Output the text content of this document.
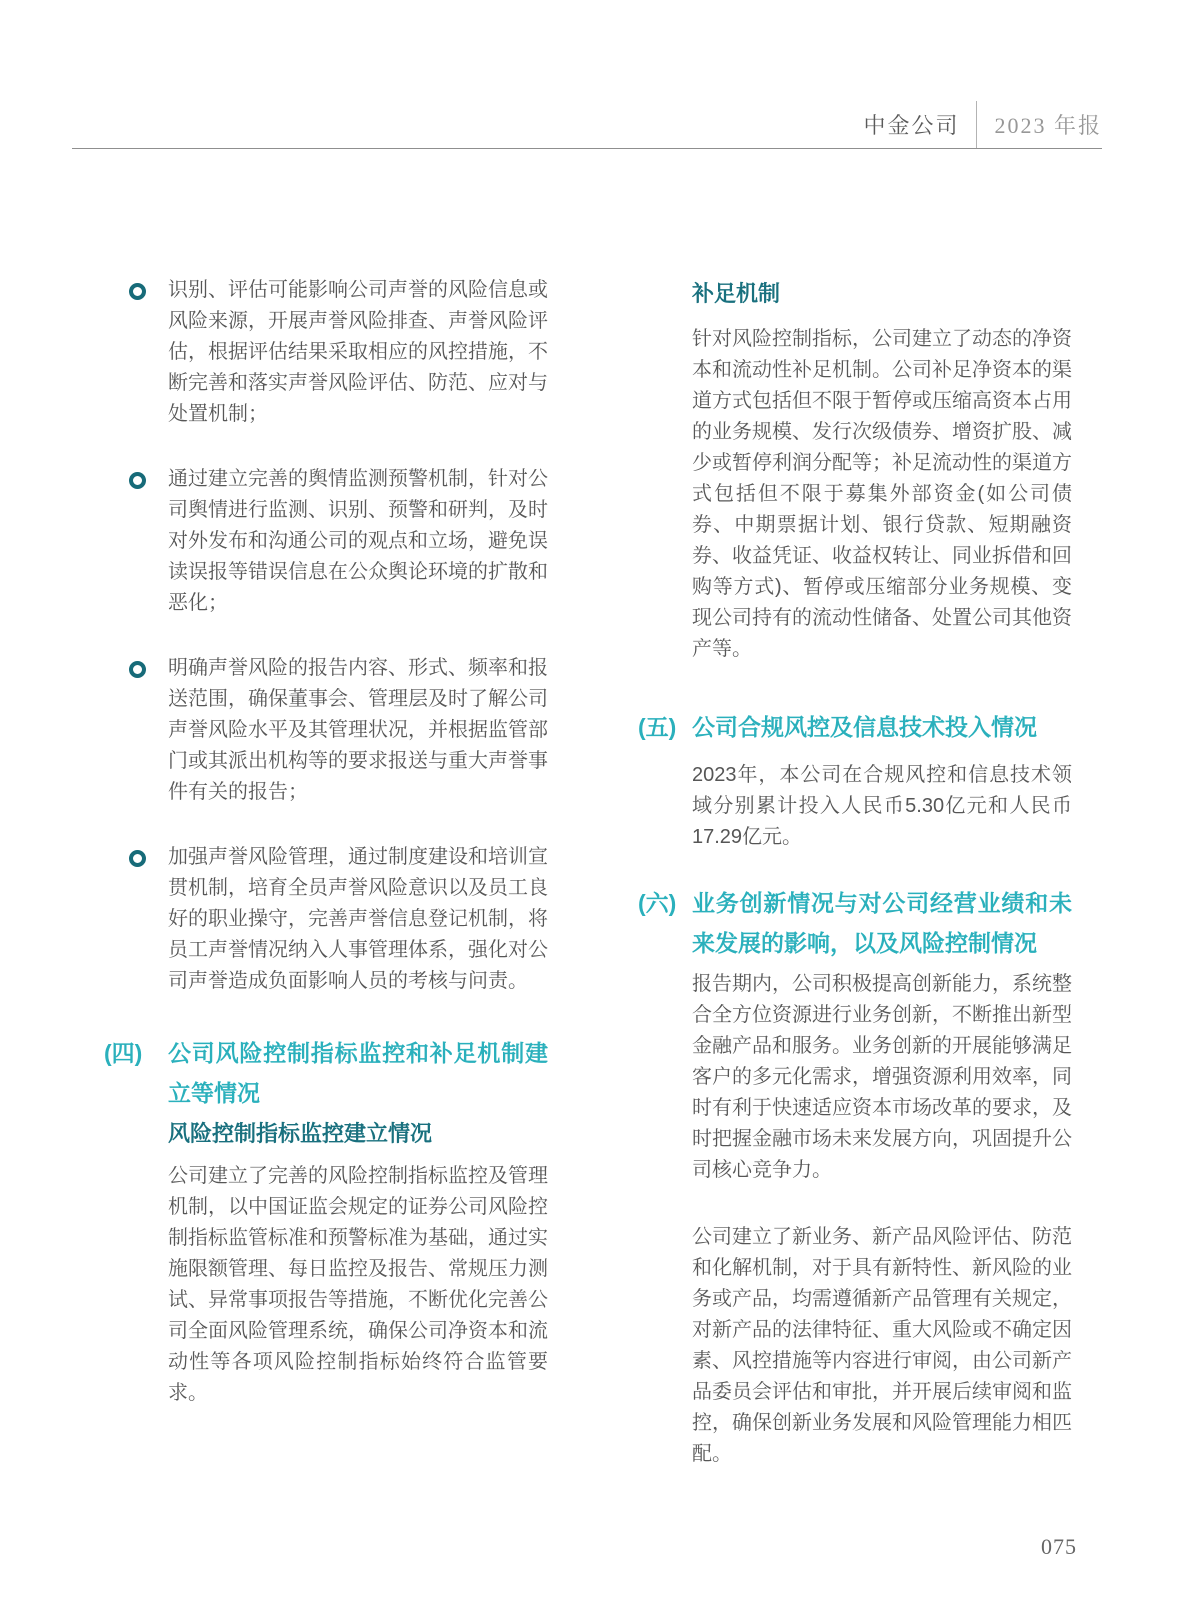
中金公司	2023 年报

识别、评估可能影响公司声誉的风险信息或风险来源，开展声誉风险排查、声誉风险评估，根据评估结果采取相应的风控措施，不断完善和落实声誉风险评估、防范、应对与处置机制；

通过建立完善的舆情监测预警机制，针对公司舆情进行监测、识别、预警和研判，及时对外发布和沟通公司的观点和立场，避免误读误报等错误信息在公众舆论环境的扩散和恶化；

明确声誉风险的报告内容、形式、频率和报送范围，确保董事会、管理层及时了解公司声誉风险水平及其管理状况，并根据监管部门或其派出机构等的要求报送与重大声誉事件有关的报告；

加强声誉风险管理，通过制度建设和培训宣贯机制，培育全员声誉风险意识以及员工良好的职业操守，完善声誉信息登记机制，将员工声誉情况纳入人事管理体系，强化对公司声誉造成负面影响人员的考核与问责。

(四)	公司风险控制指标监控和补足机制建立等情况
风险控制指标监控建立情况

公司建立了完善的风险控制指标监控及管理机制，以中国证监会规定的证券公司风险控制指标监管标准和预警标准为基础，通过实施限额管理、每日监控及报告、常规压力测试、异常事项报告等措施，不断优化完善公司全面风险管理系统，确保公司净资本和流动性等各项风险控制指标始终符合监管要求。

补足机制

针对风险控制指标，公司建立了动态的净资本和流动性补足机制。公司补足净资本的渠道方式包括但不限于暂停或压缩高资本占用的业务规模、发行次级债券、增资扩股、减少或暂停利润分配等；补足流动性的渠道方式包括但不限于募集外部资金(如公司债券、中期票据计划、银行贷款、短期融资券、收益凭证、收益权转让、同业拆借和回购等方式)、暂停或压缩部分业务规模、变现公司持有的流动性储备、处置公司其他资产等。

(五) 公司合规风控及信息技术投入情况

2023年，本公司在合规风控和信息技术领域分别累计投入人民币5.30亿元和人民币17.29亿元。

(六) 业务创新情况与对公司经营业绩和未来发展的影响，以及风险控制情况

报告期内，公司积极提高创新能力，系统整合全方位资源进行业务创新，不断推出新型金融产品和服务。业务创新的开展能够满足客户的多元化需求，增强资源利用效率，同时有利于快速适应资本市场改革的要求，及时把握金融市场未来发展方向，巩固提升公司核心竞争力。

公司建立了新业务、新产品风险评估、防范和化解机制，对于具有新特性、新风险的业务或产品，均需遵循新产品管理有关规定，对新产品的法律特征、重大风险或不确定因素、风控措施等内容进行审阅，由公司新产品委员会评估和审批，并开展后续审阅和监控，确保创新业务发展和风险管理能力相匹配。

075
